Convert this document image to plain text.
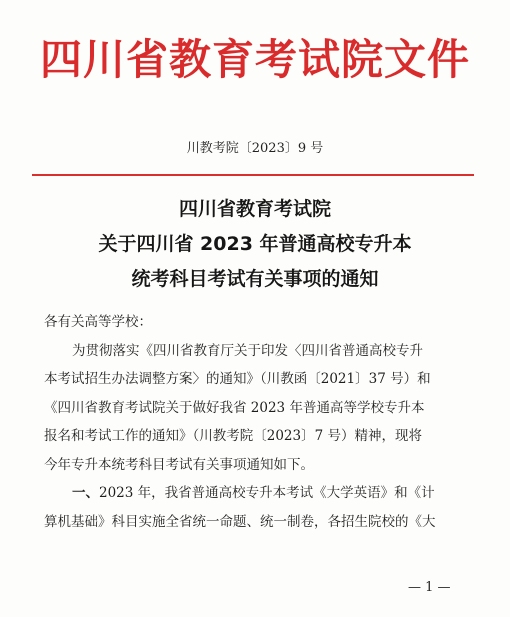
四川省教育考试院文件
川教考院〔2023〕9 号
四川省教育考试院
关于四川省 2023 年普通高校专升本
统考科目考试有关事项的通知
各有关高等学校：
为贯彻落实《四川省教育厅关于印发〈四川省普通高校专升
本考试招生办法调整方案〉的通知》（川教函〔2021〕37 号）和
《四川省教育考试院关于做好我省 2023 年普通高等学校专升本
报名和考试工作的通知》（川教考院〔2023〕7 号）精神，现将
今年专升本统考科目考试有关事项通知如下。
一、2023 年，我省普通高校专升本考试《大学英语》和《计
算机基础》科目实施全省统一命题、统一制卷，各招生院校的《大
— 1 —
